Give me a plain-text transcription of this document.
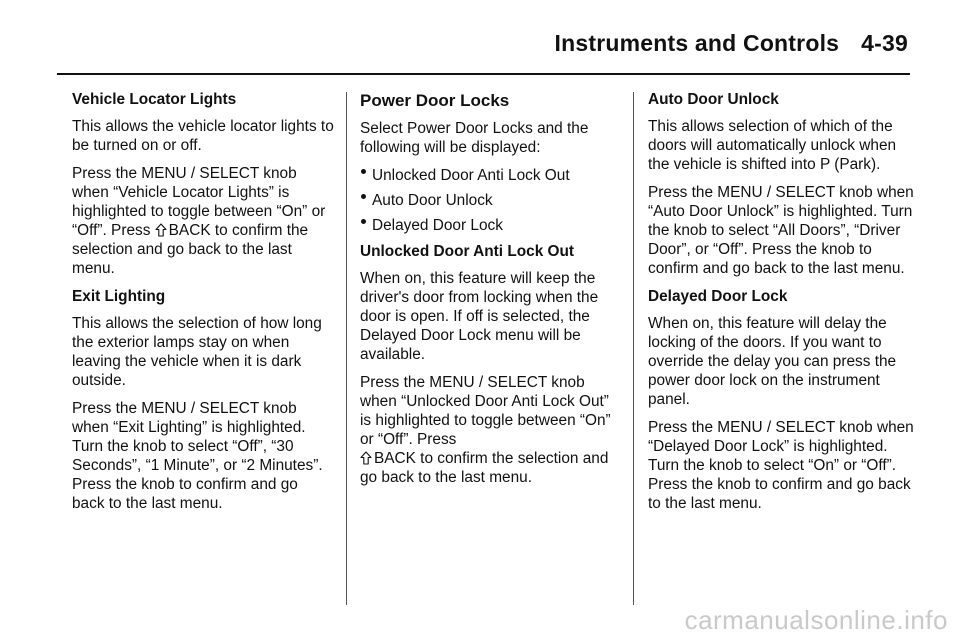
Instruments and Controls 4-39

Vehicle Locator Lights

This allows the vehicle locator lights to be turned on or off.

Press the MENU / SELECT knob when “Vehicle Locator Lights” is highlighted to toggle between “On” or “Off”. Press
BACK to confirm the selection and go back to the last menu.

Exit Lighting

This allows the selection of how long the exterior lamps stay on when leaving the vehicle when it is dark outside.

Press the MENU / SELECT knob when “Exit Lighting” is highlighted. Turn the knob to select “Off”, “30 Seconds”, “1 Minute”, or “2 Minutes”. Press the knob to confirm and go back to the last menu.

Power Door Locks

Select Power Door Locks and the following will be displayed:

Unlocked Door Anti Lock Out
Auto Door Unlock
Delayed Door Lock

Unlocked Door Anti Lock Out

When on, this feature will keep the driver's door from locking when the door is open. If off is selected, the Delayed Door Lock menu will be available.

Press the MENU / SELECT knob when “Unlocked Door Anti Lock Out” is highlighted to toggle between “On” or “Off”. Press

BACK to confirm the selection and go back to the last menu.

Auto Door Unlock

This allows selection of which of the doors will automatically unlock when the vehicle is shifted into P (Park).

Press the MENU / SELECT knob when “Auto Door Unlock” is highlighted. Turn the knob to select “All Doors”, “Driver Door”, or “Off”. Press the knob to confirm and go back to the last menu.

Delayed Door Lock

When on, this feature will delay the locking of the doors. If you want to override the delay you can press the power door lock on the instrument panel.

Press the MENU / SELECT knob when “Delayed Door Lock” is highlighted. Turn the knob to select “On” or “Off”. Press the knob to confirm and go back to the last menu.

carmanualsonline.info
